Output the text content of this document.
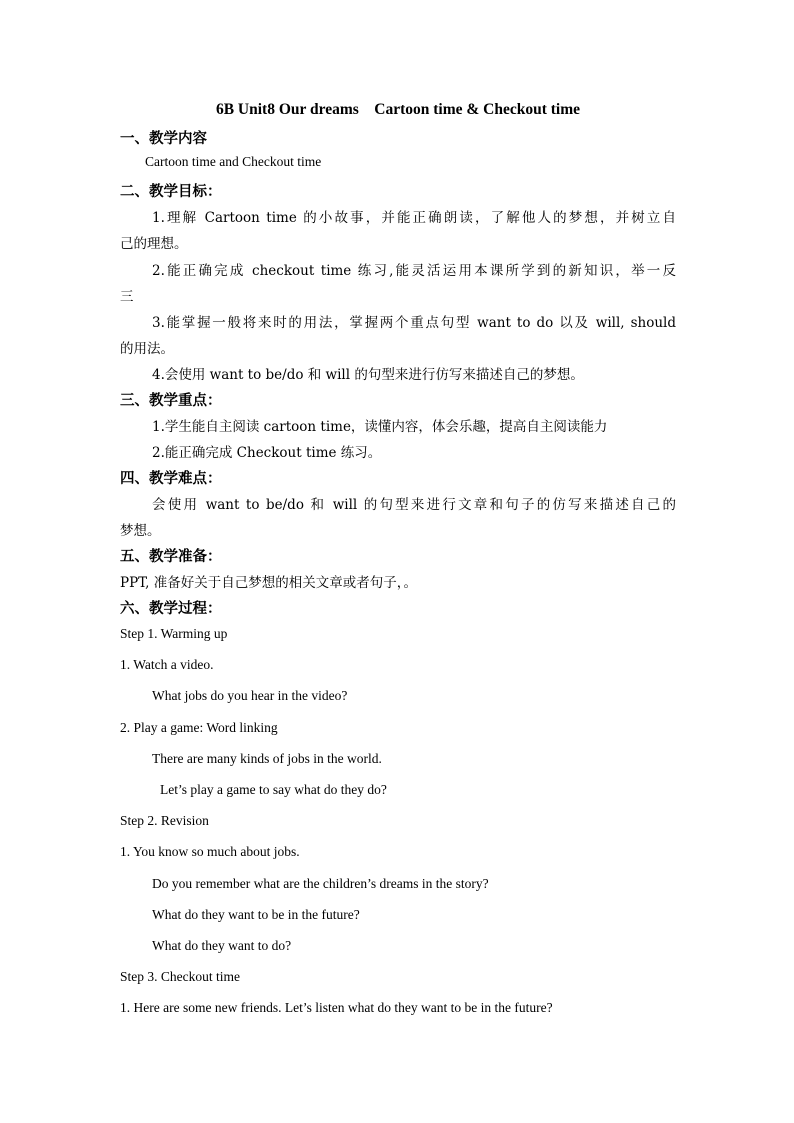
6B Unit8 Our dreams    Cartoon time & Checkout time
一、教学内容
Cartoon time and Checkout time
二、教学目标：
1.理解 Cartoon time 的小故事，并能正确朗读，了解他人的梦想，并树立自
己的理想。
2.能正确完成 checkout time 练习,能灵活运用本课所学到的新知识，举一反
三
3.能掌握一般将来时的用法，掌握两个重点句型 want to do 以及 will, should
的用法。
4.会使用 want to be/do 和 will 的句型来进行仿写来描述自己的梦想。
三、教学重点：
1.学生能自主阅读 cartoon time，读懂内容，体会乐趣，提高自主阅读能力
2.能正确完成 Checkout time 练习。
四、教学难点：
会使用 want to be/do 和 will 的句型来进行文章和句子的仿写来描述自己的
梦想。
五、教学准备：
PPT, 准备好关于自己梦想的相关文章或者句子，。
六、教学过程：
Step 1. Warming up
1. Watch a video.
What jobs do you hear in the video?
2. Play a game: Word linking
There are many kinds of jobs in the world.
Let’s play a game to say what do they do?
Step 2. Revision
1. You know so much about jobs.
Do you remember what are the children’s dreams in the story?
What do they want to be in the future?
What do they want to do?
Step 3. Checkout time
1. Here are some new friends. Let’s listen what do they want to be in the future?
